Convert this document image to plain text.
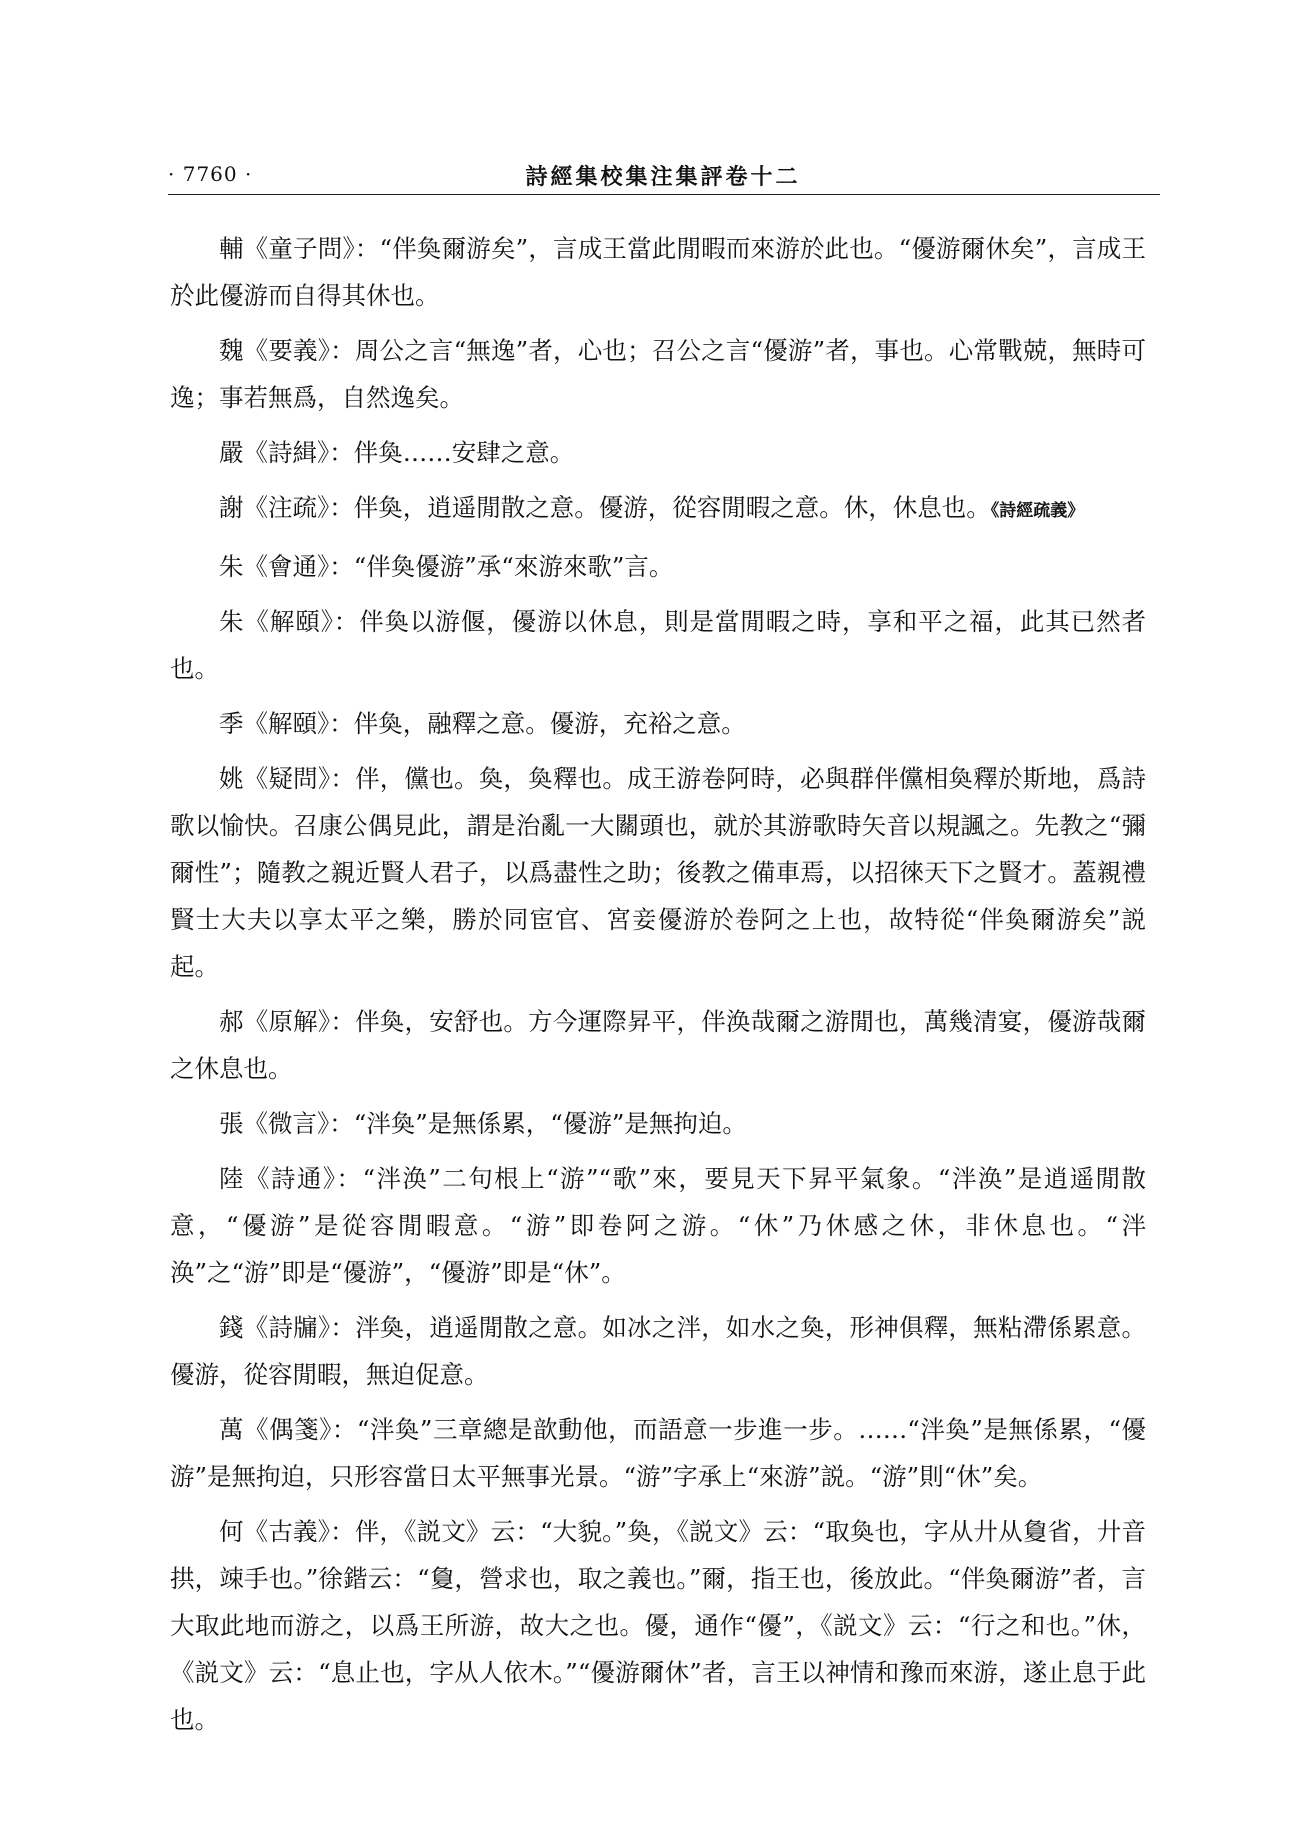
· 7760 ·	詩經集校集注集評卷十二

輔《童子問》：“伴奐爾游矣”，言成王當此閒暇而來游於此也。“優游爾休矣”，言成王於此優游而自得其休也。

魏《要義》：周公之言“無逸”者，心也；召公之言“優游”者，事也。心常戰兢，無時可逸；事若無爲，自然逸矣。

嚴《詩緝》：伴奐……安肆之意。

謝《注疏》：伴奐，逍遥閒散之意。優游，從容閒暇之意。休，休息也。《詩經疏義》

朱《會通》：“伴奐優游”承“來游來歌”言。

朱《解頤》：伴奐以游偃，優游以休息，則是當閒暇之時，享和平之福，此其已然者也。

季《解頤》：伴奐，融釋之意。優游，充裕之意。

姚《疑問》：伴，儻也。奐，奐釋也。成王游卷阿時，必與群伴儻相奐釋於斯地，爲詩歌以愉快。召康公偶見此，謂是治亂一大關頭也，就於其游歌時矢音以規諷之。先教之“彌爾性”；隨教之親近賢人君子，以爲盡性之助；後教之備車焉，以招徠天下之賢才。蓋親禮賢士大夫以享太平之樂，勝於同宦官、宮妾優游於卷阿之上也，故特從“伴奐爾游矣”説起。

郝《原解》：伴奐，安舒也。方今運際昇平，伴涣哉爾之游閒也，萬幾清宴，優游哉爾之休息也。

張《微言》：“泮奐”是無係累，“優游”是無拘迫。

陸《詩通》：“泮涣”二句根上“游”“歌”來，要見天下昇平氣象。“泮涣”是逍遥閒散意，“優游”是從容閒暇意。“游”即卷阿之游。“休”乃休感之休，非休息也。“泮涣”之“游”即是“優游”，“優游”即是“休”。

錢《詩牖》：泮奐，逍遥閒散之意。如冰之泮，如水之奐，形神俱釋，無粘滯係累意。優游，從容閒暇，無迫促意。

萬《偶箋》：“泮奐”三章總是歆動他，而語意一步進一步。……“泮奐”是無係累，“優游”是無拘迫，只形容當日太平無事光景。“游”字承上“來游”説。“游”則“休”矣。

何《古義》：伴，《説文》云：“大貌。”奐，《説文》云：“取奐也，字从廾从敻省，廾音拱，竦手也。”徐鍇云：“敻，營求也，取之義也。”爾，指王也，後放此。“伴奐爾游”者，言大取此地而游之，以爲王所游，故大之也。優，通作“優”，《説文》云：“行之和也。”休，《説文》云：“息止也，字从人依木。”“優游爾休”者，言王以神情和豫而來游，遂止息于此也。
